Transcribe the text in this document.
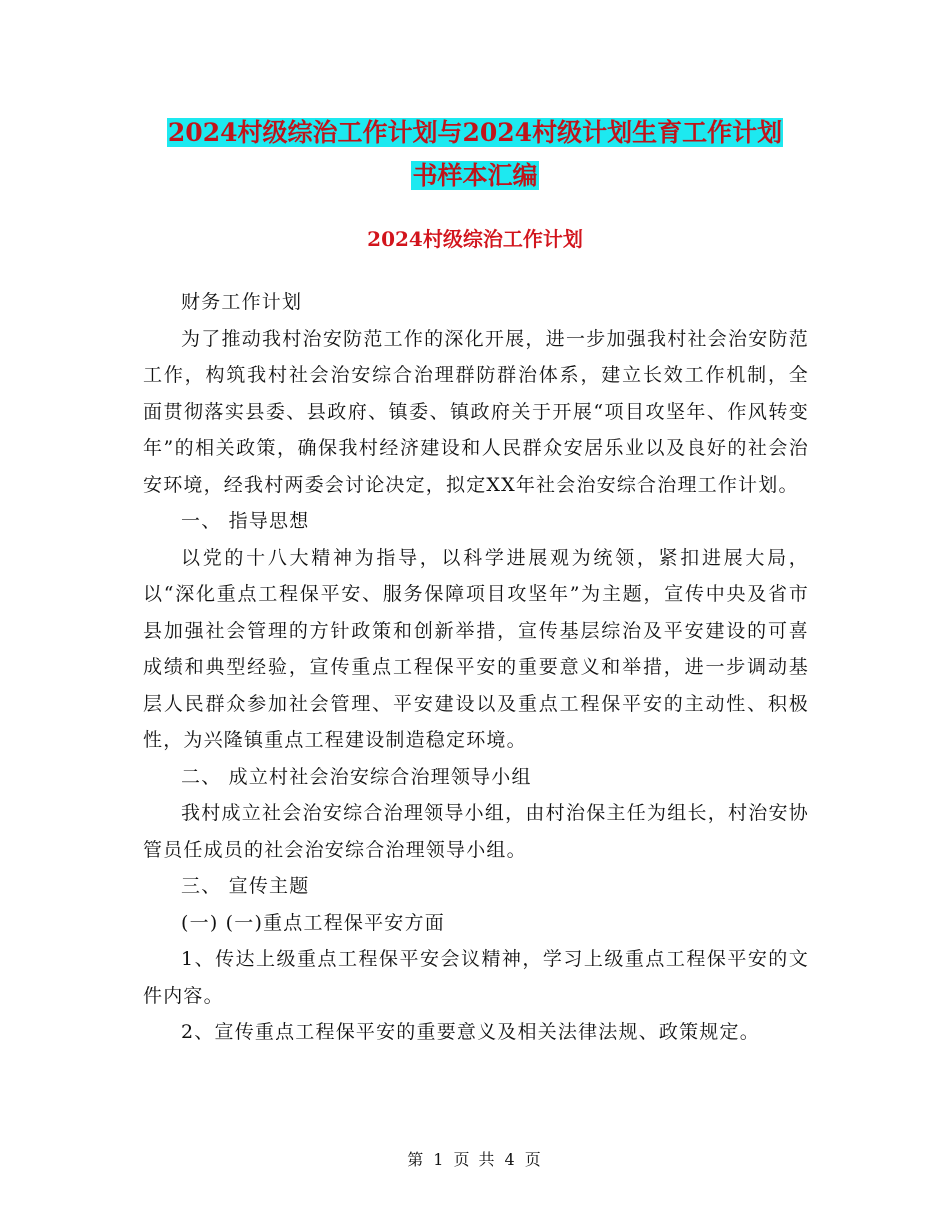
2024村级综治工作计划与2024村级计划生育工作计划
书样本汇编
2024村级综治工作计划

财务工作计划

为了推动我村治安防范工作的深化开展，进一步加强我村社会治安防范工作，构筑我村社会治安综合治理群防群治体系，建立长效工作机制，全面贯彻落实县委、县政府、镇委、镇政府关于开展“项目攻坚年、作风转变年”的相关政策，确保我村经济建设和人民群众安居乐业以及良好的社会治安环境，经我村两委会讨论决定，拟定XX年社会治安综合治理工作计划。

一、 指导思想

以党的十八大精神为指导，以科学进展观为统领，紧扣进展大局，以“深化重点工程保平安、服务保障项目攻坚年”为主题，宣传中央及省市县加强社会管理的方针政策和创新举措，宣传基层综治及平安建设的可喜成绩和典型经验，宣传重点工程保平安的重要意义和举措，进一步调动基层人民群众参加社会管理、平安建设以及重点工程保平安的主动性、积极性，为兴隆镇重点工程建设制造稳定环境。

二、 成立村社会治安综合治理领导小组

我村成立社会治安综合治理领导小组，由村治保主任为组长，村治安协管员任成员的社会治安综合治理领导小组。

三、 宣传主题

(一) (一)重点工程保平安方面

1、传达上级重点工程保平安会议精神，学习上级重点工程保平安的文件内容。

2、宣传重点工程保平安的重要意义及相关法律法规、政策规定。

第 1 页 共 4 页
